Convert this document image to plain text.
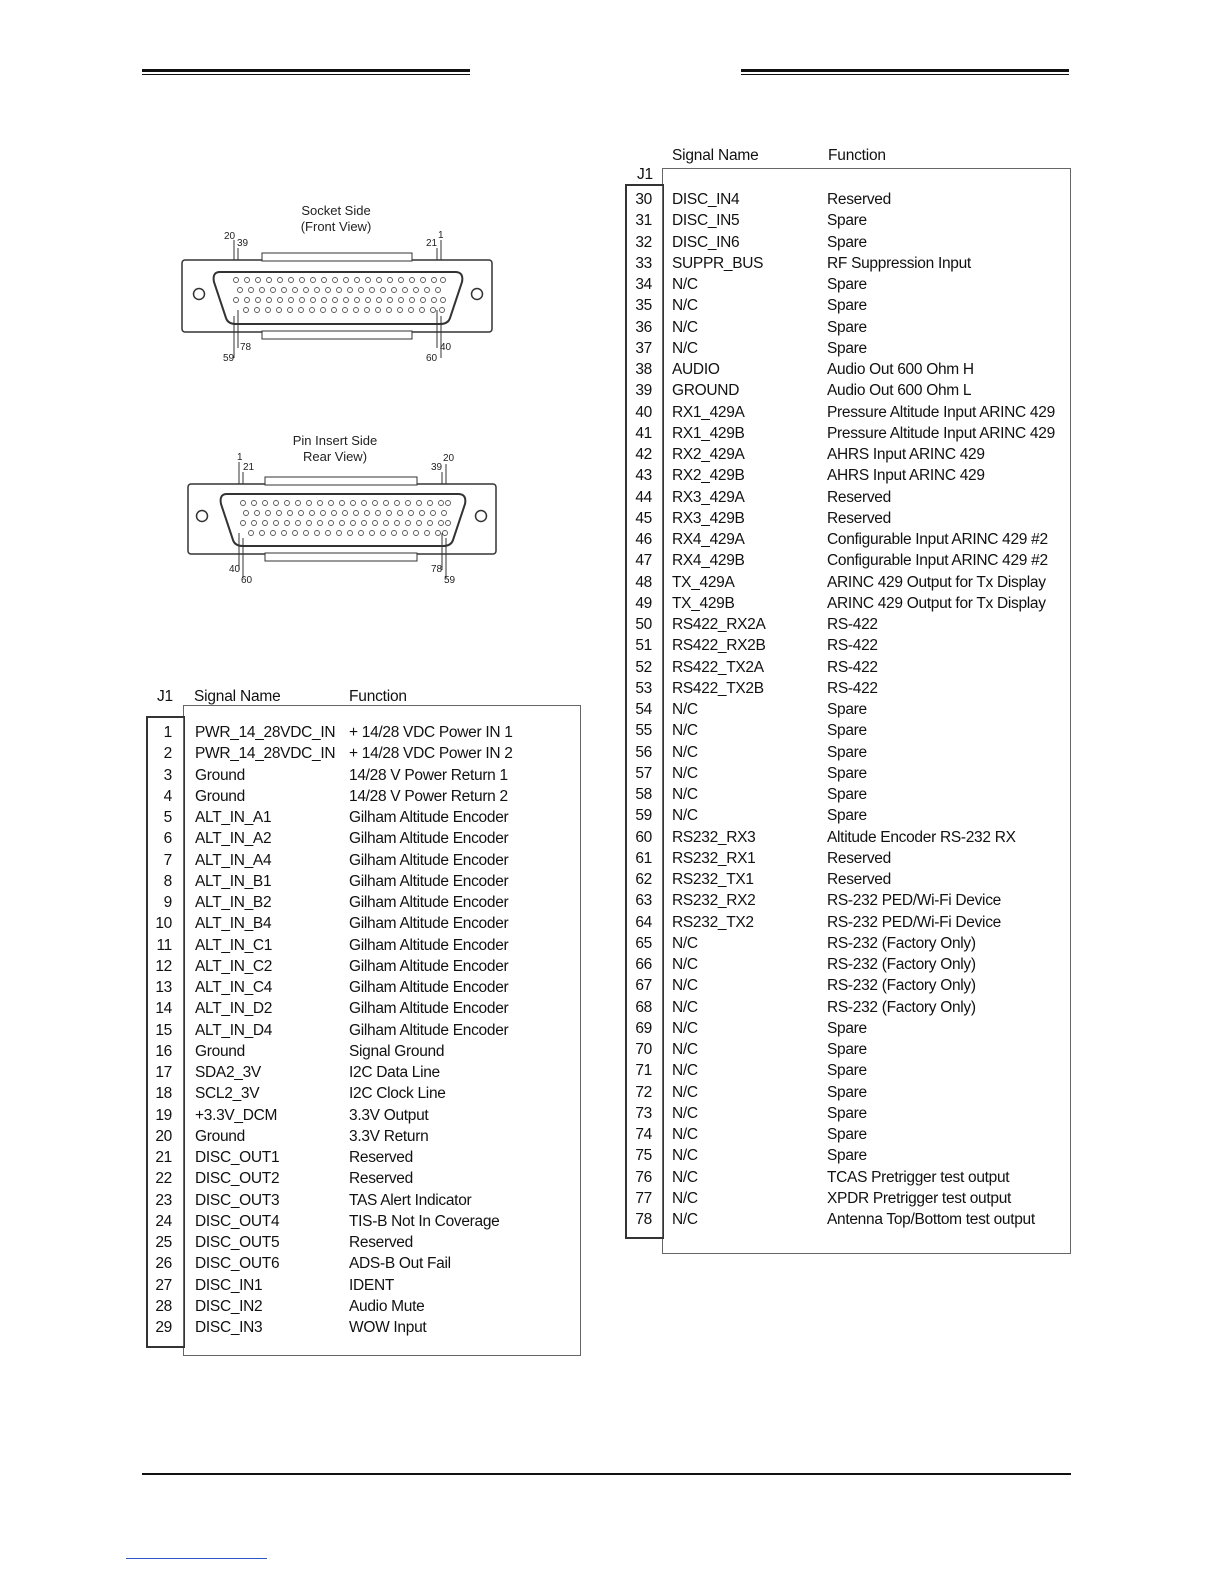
Socket Side
(Front View)
20
39
1
21
78
59
40
60
Pin Insert Side
Rear View)
1
21	39
20
40
60
78
59
J1 Signal Name	Function
1 PWR_14_28VDC_IN + 14/28 VDC Power IN 1
2 PWR_14_28VDC_IN + 14/28 VDC Power IN 2
3 Ground	14/28 V Power Return 1
4 Ground	14/28 V Power Return 2
5 ALT_IN_A1	Gilham Altitude Encoder
6 ALT_IN_A2	Gilham Altitude Encoder
7 ALT_IN_A4	Gilham Altitude Encoder
8 ALT_IN_B1	Gilham Altitude Encoder
9 ALT_IN_B2	Gilham Altitude Encoder
10 ALT_IN_B4	Gilham Altitude Encoder
11 ALT_IN_C1	Gilham Altitude Encoder
12 ALT_IN_C2	Gilham Altitude Encoder
13 ALT_IN_C4	Gilham Altitude Encoder
14 ALT_IN_D2	Gilham Altitude Encoder
15 ALT_IN_D4	Gilham Altitude Encoder
16 Ground	Signal Ground
17 SDA2_3V	I2C Data Line
18 SCL2_3V	I2C Clock Line
19 +3.3V_DCM	3.3V Output
20 Ground	3.3V Return
21 DISC_OUT1	Reserved
22 DISC_OUT2	Reserved
23 DISC_OUT3	TAS Alert Indicator
24 DISC_OUT4	TIS-B Not In Coverage
25 DISC_OUT5	Reserved
26 DISC_OUT6	ADS-B Out Fail
27 DISC_IN1	IDENT
28 DISC_IN2	Audio Mute
29 DISC_IN3	WOW Input
Signal Name	Function
J1
30 DISC_IN4	Reserved
31 DISC_IN5	Spare
32 DISC_IN6	Spare
33 SUPPR_BUS	RF Suppression Input
34 N/C	Spare
35 N/C	Spare
36 N/C	Spare
37 N/C	Spare
38 AUDIO	Audio Out 600 Ohm H
39 GROUND	Audio Out 600 Ohm L
40 RX1_429A	Pressure Altitude Input ARINC 429
41 RX1_429B	Pressure Altitude Input ARINC 429
42 RX2_429A	AHRS Input ARINC 429
43 RX2_429B	AHRS Input ARINC 429
44 RX3_429A	Reserved
45 RX3_429B	Reserved
46 RX4_429A	Configurable Input ARINC 429 #2
47 RX4_429B	Configurable Input ARINC 429 #2
48 TX_429A	ARINC 429 Output for Tx Display
49 TX_429B	ARINC 429 Output for Tx Display
50 RS422_RX2A	RS-422
51 RS422_RX2B	RS-422
52 RS422_TX2A	RS-422
53 RS422_TX2B	RS-422
54 N/C	Spare
55 N/C	Spare
56 N/C	Spare
57 N/C	Spare
58 N/C	Spare
59 N/C	Spare
60 RS232_RX3	Altitude Encoder RS-232 RX
61 RS232_RX1	Reserved
62 RS232_TX1	Reserved
63 RS232_RX2	RS-232 PED/Wi-Fi Device
64 RS232_TX2	RS-232 PED/Wi-Fi Device
65 N/C	RS-232 (Factory Only)
66 N/C	RS-232 (Factory Only)
67 N/C	RS-232 (Factory Only)
68 N/C	RS-232 (Factory Only)
69 N/C	Spare
70 N/C	Spare
71 N/C	Spare
72 N/C	Spare
73 N/C	Spare
74 N/C	Spare
75 N/C	Spare
76 N/C	TCAS Pretrigger test output
77 N/C	XPDR Pretrigger test output
78 N/C	Antenna Top/Bottom test output
